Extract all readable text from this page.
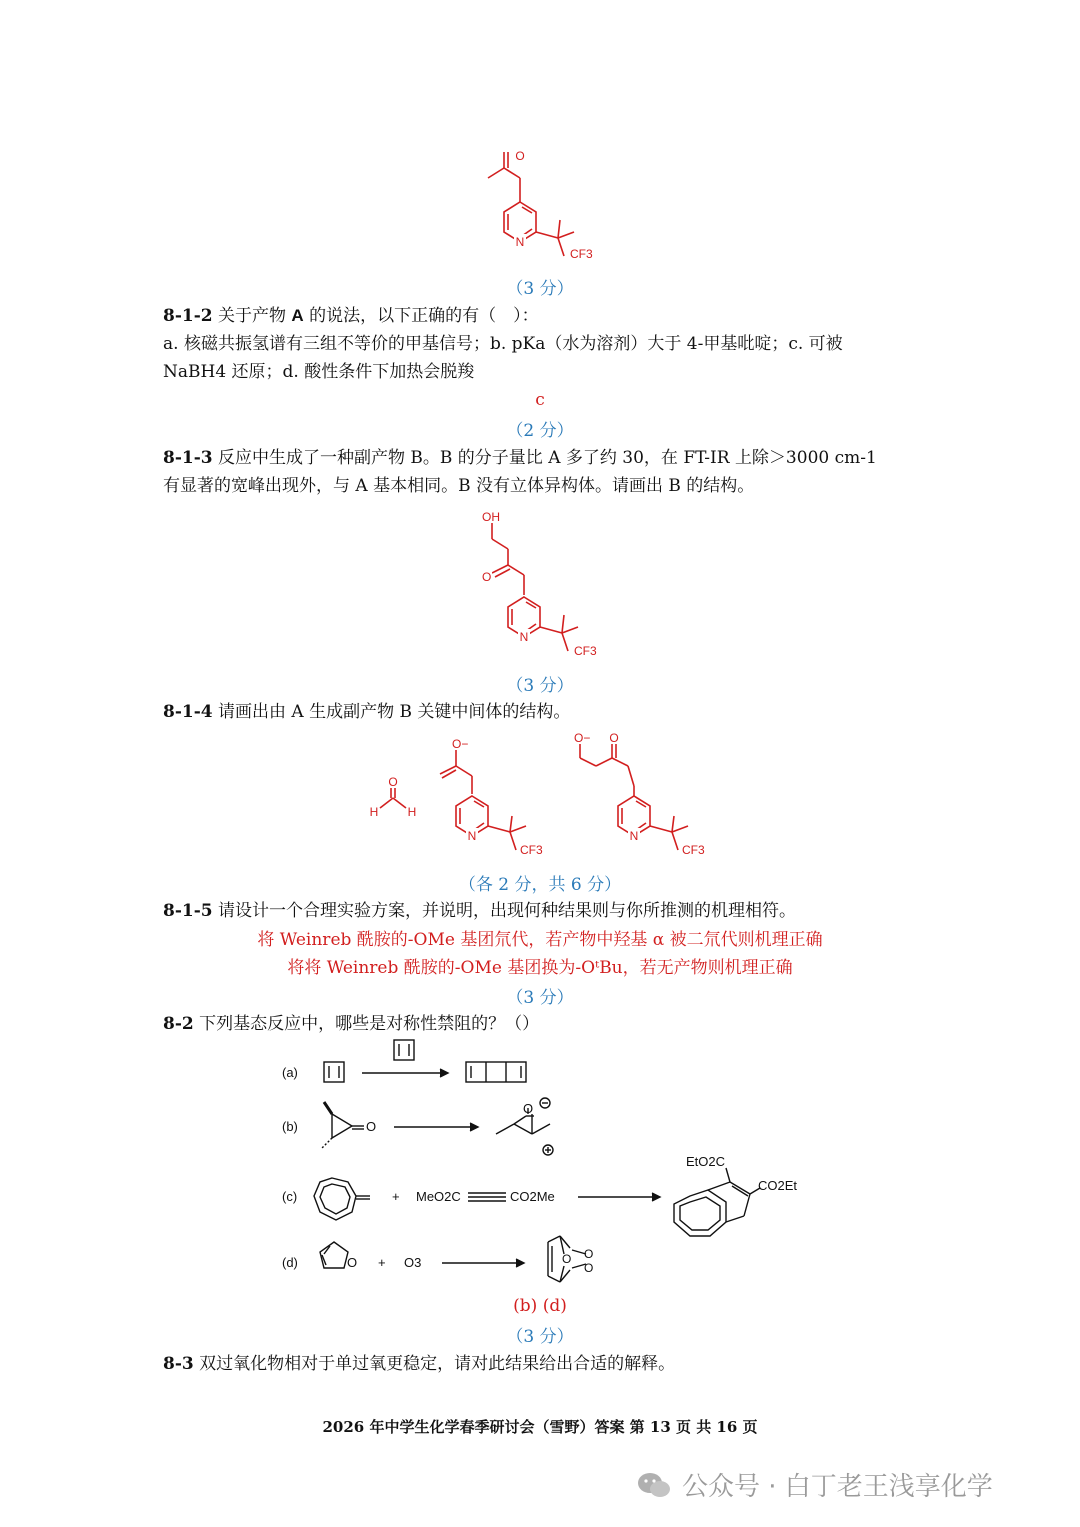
O
N
CF3
（3 分）
8-1-2 关于产物 A 的说法，以下正确的有（　）：
a. 核磁共振氢谱有三组不等价的甲基信号；b. pKa（水为溶剂）大于 4-甲基吡啶；c. 可被
NaBH4 还原；d. 酸性条件下加热会脱羧
c
（2 分）
8-1-3 反应中生成了一种副产物 B。B 的分子量比 A 多了约 30，在 FT-IR 上除＞3000 cm-1
有显著的宽峰出现外，与 A 基本相同。B 没有立体异构体。请画出 B 的结构。
OH
O
N
CF3
（3 分）
8-1-4 请画出由 A 生成副产物 B 关键中间体的结构。
O
H H
O−
N
CF3
O− O
N
CF3
（各 2 分，共 6 分）
8-1-5 请设计一个合理实验方案，并说明，出现何种结果则与你所推测的机理相符。
将 Weinreb 酰胺的-OMe 基团氘代，若产物中羟基 α 被二氘代则机理正确
将将 Weinreb 酰胺的-OMe 基团换为-OᵗBu，若无产物则机理正确
（3 分）
8-2 下列基态反应中，哪些是对称性禁阻的？（）
(a)
(b)
(c)
(d)
O
O
+ MeO2C	CO2Me
EtO2C
CO2Et
O + O3	O O
O
(b) (d)
（3 分）
8-3 双过氧化物相对于单过氧更稳定，请对此结果给出合适的解释。
2026 年中学生化学春季研讨会（雪野）答案 第 13 页 共 16 页
公众号 · 白丁老王浅享化学
